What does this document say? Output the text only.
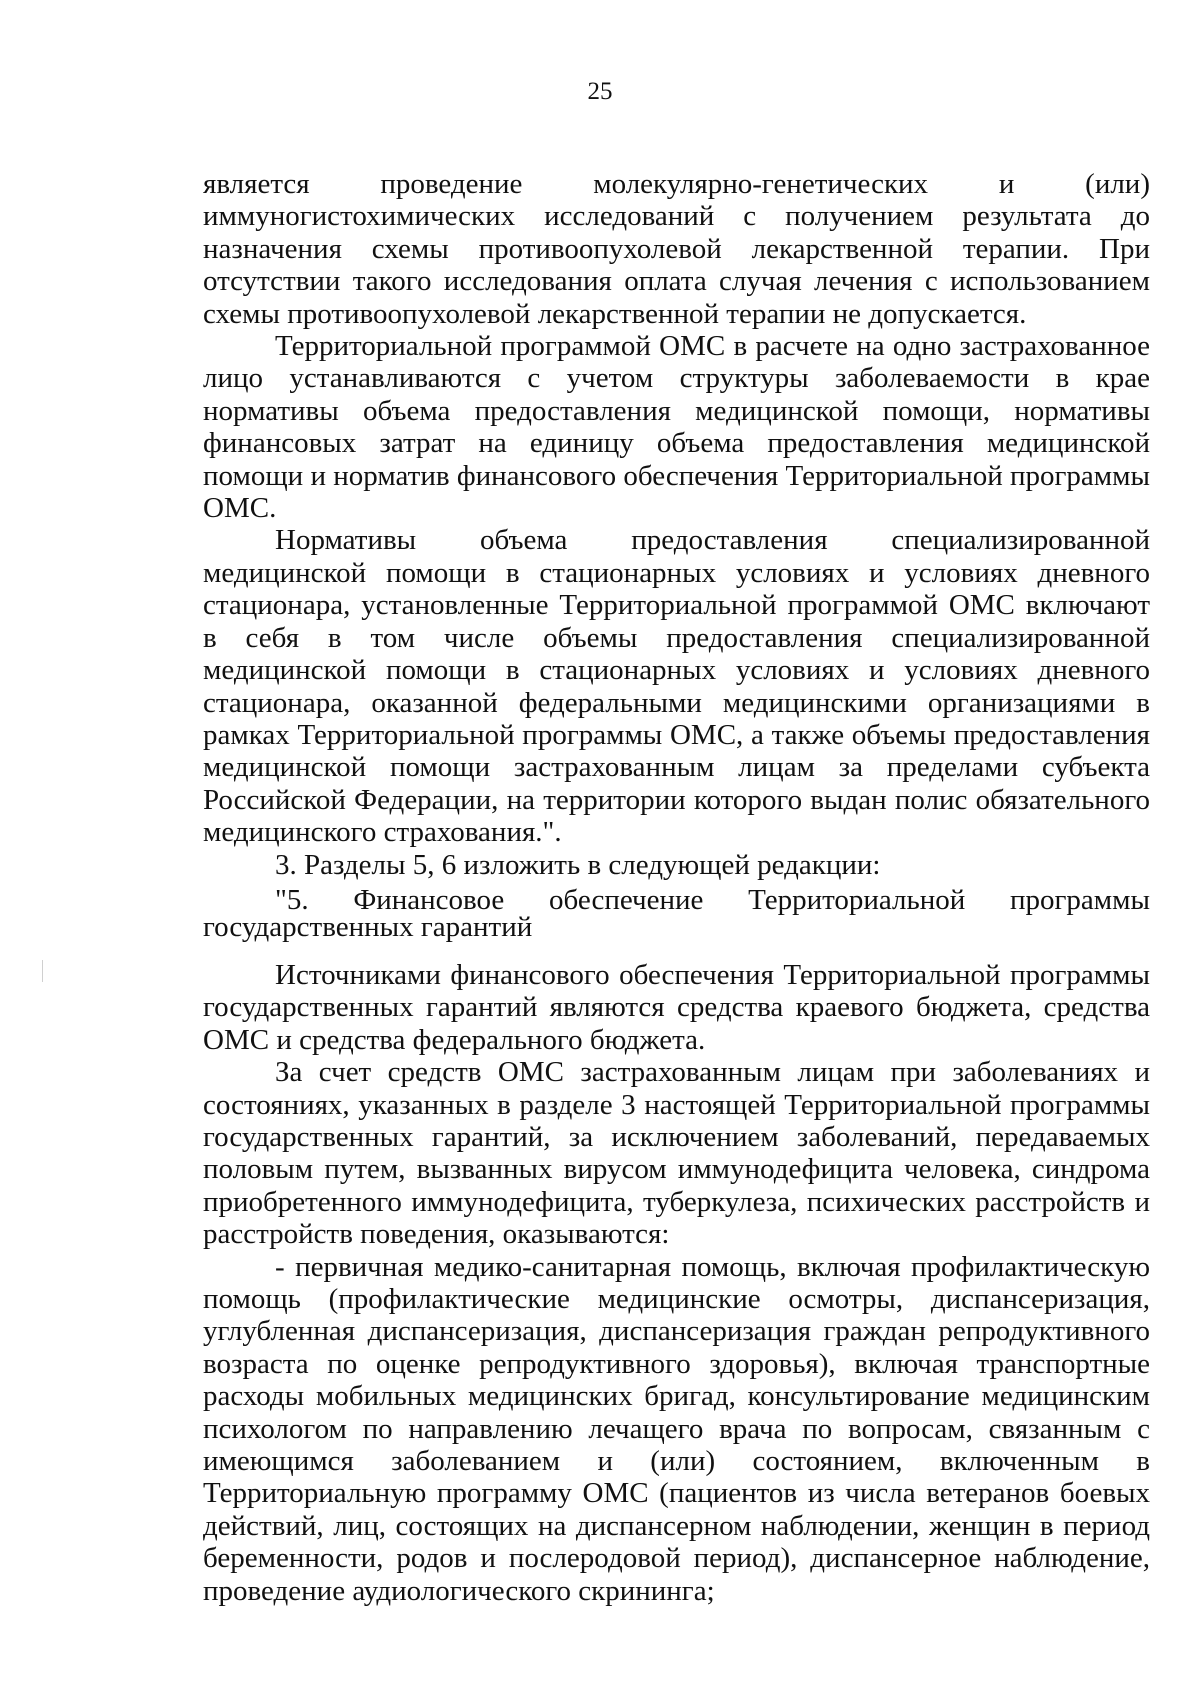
25

является проведение молекулярно-генетических и (или) иммуногистохимических исследований с получением результата до назначения схемы противоопухолевой лекарственной терапии. При отсутствии такого исследования оплата случая лечения с использованием схемы противоопухолевой лекарственной терапии не допускается.

Территориальной программой ОМС в расчете на одно застрахованное лицо устанавливаются с учетом структуры заболеваемости в крае нормативы объема предоставления медицинской помощи, нормативы финансовых затрат на единицу объема предоставления медицинской помощи и норматив финансового обеспечения Территориальной программы ОМС.

Нормативы объема предоставления специализированной медицинской помощи в стационарных условиях и условиях дневного стационара, установленные Территориальной программой ОМС включают в себя в том числе объемы предоставления специализированной медицинской помощи в стационарных условиях и условиях дневного стационара, оказанной федеральными медицинскими организациями в рамках Территориальной программы ОМС, а также объемы предоставления медицинской помощи застрахованным лицам за пределами субъекта Российской Федерации, на территории которого выдан полис обязательного медицинского страхования.".

3. Разделы 5, 6 изложить в следующей редакции:

"5. Финансовое обеспечение Территориальной программы государственных гарантий

Источниками финансового обеспечения Территориальной программы государственных гарантий являются средства краевого бюджета, средства ОМС и средства федерального бюджета.

За счет средств ОМС застрахованным лицам при заболеваниях и состояниях, указанных в разделе 3 настоящей Территориальной программы государственных гарантий, за исключением заболеваний, передаваемых половым путем, вызванных вирусом иммунодефицита человека, синдрома приобретенного иммунодефицита, туберкулеза, психических расстройств и расстройств поведения, оказываются:

- первичная медико-санитарная помощь, включая профилактическую помощь (профилактические медицинские осмотры, диспансеризация, углубленная диспансеризация, диспансеризация граждан репродуктивного возраста по оценке репродуктивного здоровья), включая транспортные расходы мобильных медицинских бригад, консультирование медицинским психологом по направлению лечащего врача по вопросам, связанным с имеющимся заболеванием и (или) состоянием, включенным в Территориальную программу ОМС (пациентов из числа ветеранов боевых действий, лиц, состоящих на диспансерном наблюдении, женщин в период беременности, родов и послеродовой период), диспансерное наблюдение, проведение аудиологического скрининга;
